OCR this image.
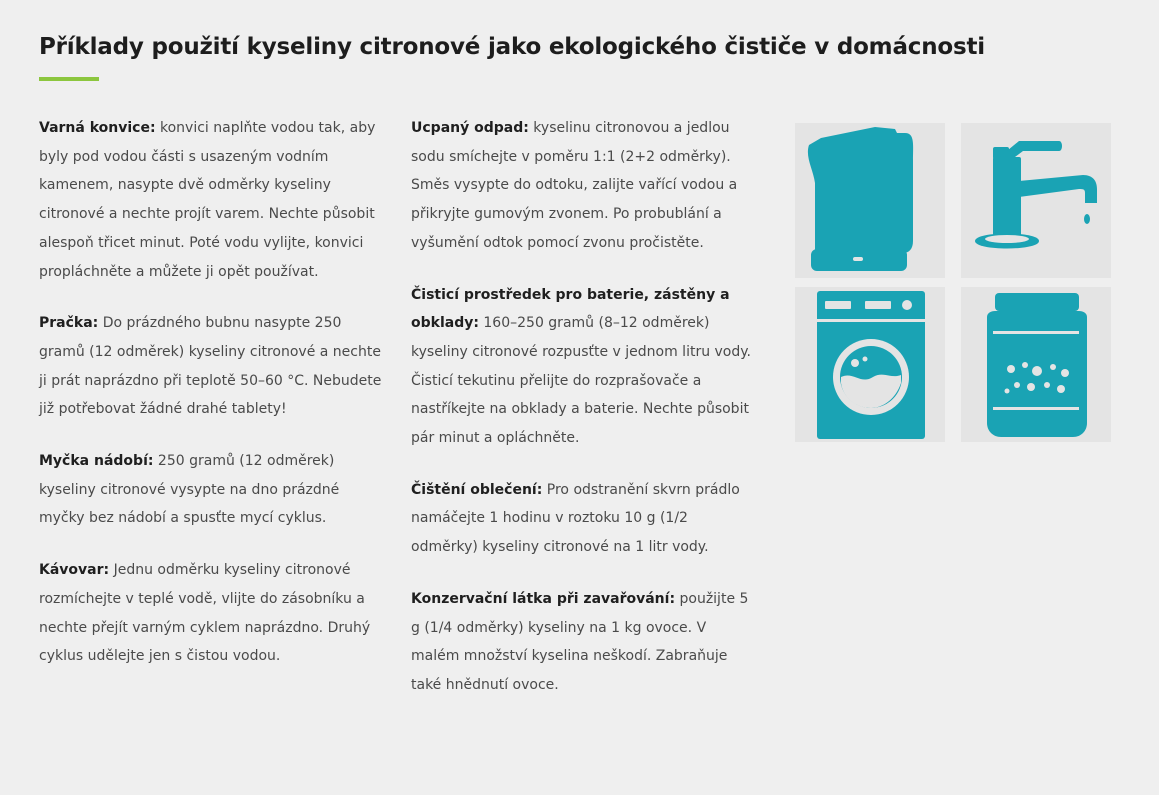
Příklady použití kyseliny citronové jako ekologického čističe v domácnosti

Varná konvice: konvici naplňte vodou tak, aby byly pod vodou části s usazeným vodním kamenem, nasypte dvě odměrky kyseliny citronové a nechte projít varem. Nechte působit alespoň třicet minut. Poté vodu vylijte, konvici propláchněte a můžete ji opět používat.

Pračka: Do prázdného bubnu nasypte 250 gramů (12 odměrek) kyseliny citronové a nechte ji prát naprázdno při teplotě 50–60 °C. Nebudete již potřebovat žádné drahé tablety!

Myčka nádobí: 250 gramů (12 odměrek) kyseliny citronové vysypte na dno prázdné myčky bez nádobí a spusťte mycí cyklus.

Kávovar: Jednu odměrku kyseliny citronové rozmíchejte v teplé vodě, vlijte do zásobníku a nechte přejít varným cyklem naprázdno. Druhý cyklus udělejte jen s čistou vodou.

Ucpaný odpad: kyselinu citronovou a jedlou sodu smíchejte v poměru 1:1 (2+2 odměrky). Směs vysypte do odtoku, zalijte vařící vodou a přikryjte gumovým zvonem. Po probublání a vyšumění odtok pomocí zvonu pročistěte.

Čisticí prostředek pro baterie, zástěny a obklady: 160–250 gramů (8–12 odměrek) kyseliny citronové rozpusťte v jednom litru vody. Čisticí tekutinu přelijte do rozprašovače a nastříkejte na obklady a baterie. Nechte působit pár minut a opláchněte.

Čištění oblečení: Pro odstranění skvrn prádlo namáčejte 1 hodinu v roztoku 10 g (1/2 odměrky) kyseliny citronové na 1 litr vody.

Konzervační látka při zavařování: použijte 5 g (1/4 odměrky) kyseliny na 1 kg ovoce. V malém množství kyselina neškodí. Zabraňuje také hnědnutí ovoce.
